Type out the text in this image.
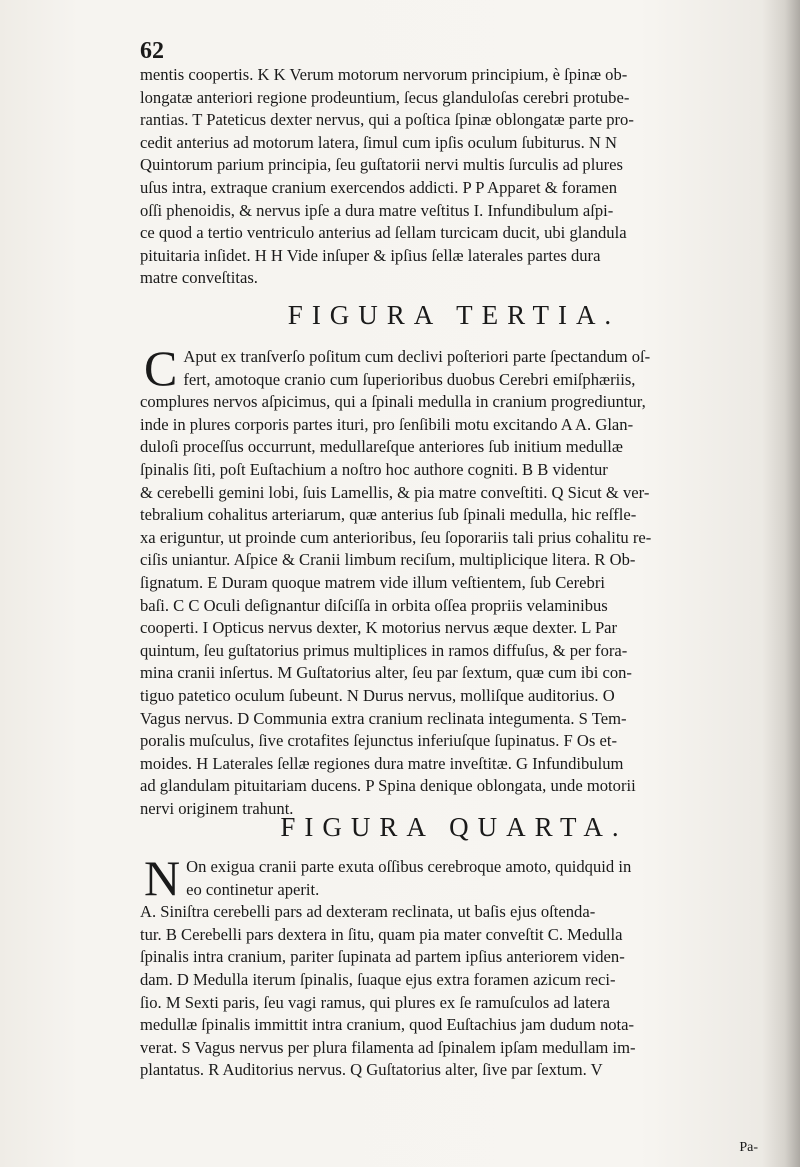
62
mentis coopertis. K K Verum motorum nervorum principium, è ſpinæ ob-
longatæ anteriori regione prodeuntium, ſecus glandulоſas cerebri protube-
rantias. T Pateticus dexter nervus, qui a poſtica ſpinæ oblongatæ parte pro-
cedit anterius ad motorum latera, ſimul cum ipſis oculum ſubiturus. N N
Quintorum parium principia, ſeu guſtatorii nervi multis ſurculis ad plures
uſus intra, extraque cranium exercendos addicti. P P Apparet & foramen
oſſi phenoidis, & nervus ipſe a dura matre veſtitus I. Infundibulum aſpi-
ce quod a tertio ventriculo anterius ad ſellam turcicam ducit, ubi glandula
pituitaria inſidet. H H Vide inſuper & ipſius ſellæ laterales partes dura
matre conveſtitas.
FIGURA TERTIA.
C Aput ex tranſverſo poſitum cum declivi poſteriori parte ſpectandum oſ-
fert, amotoque cranio cum ſuperioribus duobus Cerebri emiſphæriis,
complures nervos aſpicimus, qui a ſpinali medulla in cranium progrediuntur,
inde in plures corporis partes ituri, pro ſenſibili motu excitando A A. Glan-
duloſi proceſſus occurrunt, medullareſque anteriores ſub initium medullæ
ſpinalis ſiti, poſt Euſtachium a noſtro hoc authore cogniti. B B videntur
& cerebelli gemini lobi, ſuis Lamellis, & pia matre conveſtiti. Q Sicut & ver-
tebralium cohalitus arteriarum, quæ anterius ſub ſpinali medulla, hic reſfle-
xa eriguntur, ut proinde cum anterioribus, ſeu ſoporariis tali prius cohalitu re-
ciſis uniantur. Aſpice & Cranii limbum reciſum, multiplicique litera. R Ob-
ſignatum. E Duram quoque matrem vide illum veſtientem, ſub Cerebri
baſi. C C Oculi deſignantur diſciſſa in orbita oſſea propriis velaminibus
cooperti. I Opticus nervus dexter, K motorius nervus æque dexter. L Par
quintum, ſeu guſtatorius primus multiplices in ramos diffuſus, & per fora-
mina cranii inſertus. M Guſtatorius alter, ſeu par ſextum, quæ cum ibi con-
tiguo patetico oculum ſubeunt. N Durus nervus, molliſque auditorius. O
Vagus nervus. D Communia extra cranium reclinata integumenta. S Tem-
poralis muſculus, ſive crotafites ſejunctus inferiuſque ſupinatus. F Os et-
moides. H Laterales ſellæ regiones dura matre inveſtitæ. G Infundibulum
ad glandulam pituitariam ducens. P Spina denique oblongata, unde motorii
nervi originem trahunt.
FIGURA QUARTA.
N On exigua cranii parte exuta oſſibus cerebroque amoto, quidquid in
eo continetur aperit.
A. Siniſtra cerebelli pars ad dexteram reclinata, ut baſis ejus oſtenda-
tur. B Cerebelli pars dextera in ſitu, quam pia mater conveſtit C. Medulla
ſpinalis intra cranium, pariter ſupinata ad partem ipſius anteriorem viden-
dam. D Medulla iterum ſpinalis, ſuaque ejus extra foramen azicum reci-
ſio. M Sexti paris, ſeu vagi ramus, qui plures ex ſe ramuſculos ad latera
medullæ ſpinalis immittit intra cranium, quod Euſtachius jam dudum nota-
verat. S Vagus nervus per plura filamenta ad ſpinalem ipſam medullam im-
plantatus. R Auditorius nervus. Q Guſtatorius alter, ſive par ſextum. V
Pa-
